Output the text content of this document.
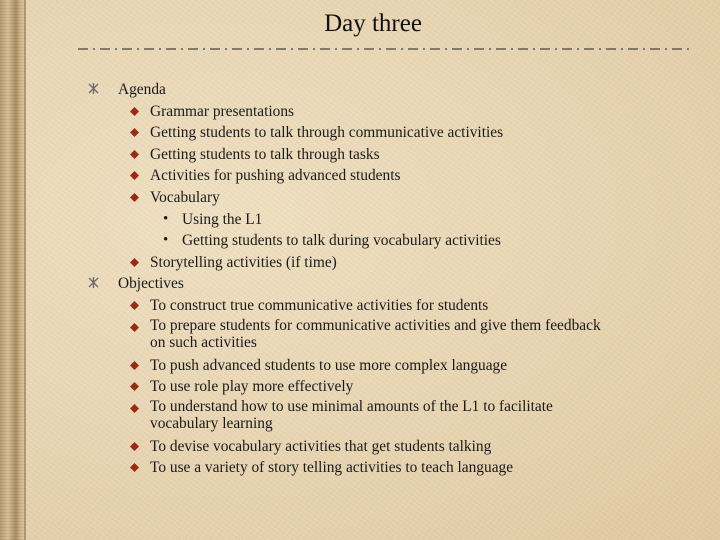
Day three
Agenda
Grammar presentations
Getting students to talk through communicative activities
Getting students to talk through tasks
Activities for pushing advanced students
Vocabulary
• Using the L1
• Getting students to talk during vocabulary activities
Storytelling activities (if time)
Objectives
To construct true communicative activities for students
To prepare students for communicative activities and give them feedback
on such activities
To push advanced students to use more complex language
To use role play more effectively
To understand how to use minimal amounts of the L1 to facilitate
vocabulary learning
To devise vocabulary activities that get students talking
To use a variety of story telling activities to teach language
